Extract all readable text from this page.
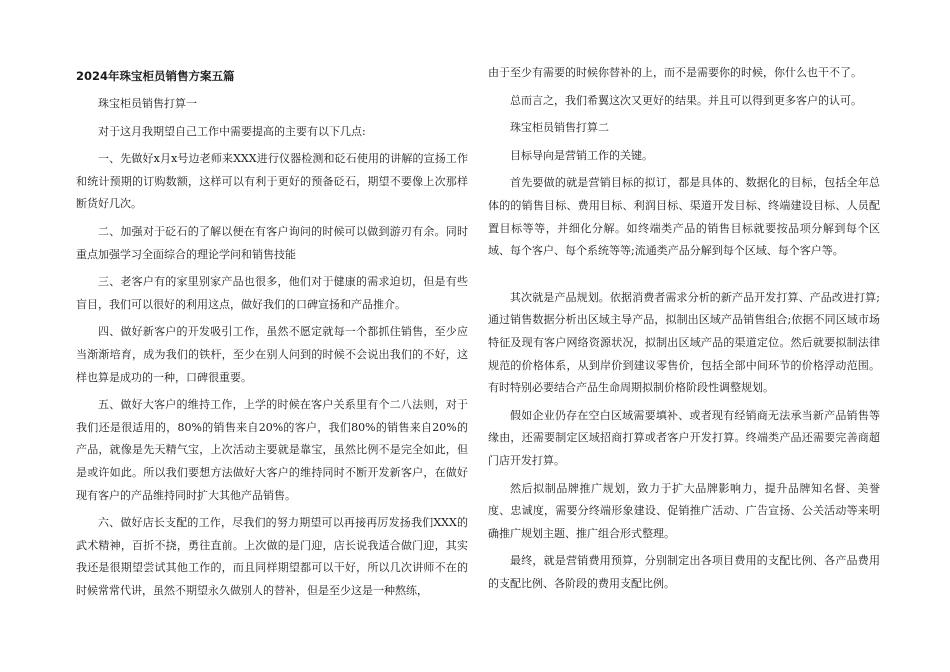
2024年珠宝柜员销售方案五篇

珠宝柜员销售打算一

对于这月我期望自己工作中需要提高的主要有以下几点:

一、先做好x月x号边老师来XXX进行仪器检测和砭石使用的讲解的宣扬工作和统计预期的订购数额，这样可以有利于更好的预备砭石，期望不要像上次那样断货好几次。

二、加强对于砭石的了解以便在有客户询问的时候可以做到游刃有余。同时重点加强学习全面综合的理论学问和销售技能

三、老客户有的家里别家产品也很多，他们对于健康的需求迫切，但是有些盲目，我们可以很好的利用这点，做好我们的口碑宣扬和产品推介。

四、做好新客户的开发吸引工作，虽然不愿定就每一个都抓住销售，至少应当渐渐培育，成为我们的铁杆，至少在别人问到的时候不会说出我们的不好，这样也算是成功的一种，口碑很重要。

五、做好大客户的维持工作，上学的时候在客户关系里有个二八法则，对于我们还是很适用的，80%的销售来自20%的客户，我们80%的销售来自20%的产品，就像是先天精气宝，上次活动主要就是靠宝，虽然比例不是完全如此，但是或许如此。所以我们要想方法做好大客户的维持同时不断开发新客户，在做好现有客户的产品维持同时扩大其他产品销售。

六、做好店长支配的工作，尽我们的努力期望可以再接再厉发扬我们XXX的武术精神，百折不挠，勇往直前。上次做的是门迎，店长说我适合做门迎，其实我还是很期望尝试其他工作的，而且同样期望都可以干好，所以几次讲师不在的时候常常代讲，虽然不期望永久做别人的替补，但是至少这是一种熬练，

由于至少有需要的时候你替补的上，而不是需要你的时候，你什么也干不了。

总而言之，我们希翼这次又更好的结果。并且可以得到更多客户的认可。

珠宝柜员销售打算二

目标导向是营销工作的关键。

首先要做的就是营销目标的拟订，都是具体的、数据化的目标，包括全年总体的的销售目标、费用目标、利润目标、渠道开发目标、终端建设目标、人员配置目标等等，并细化分解。如终端类产品的销售目标就要按品项分解到每个区域、每个客户、每个系统等等;流通类产品分解到每个区域、每个客户等。

其次就是产品规划。依据消费者需求分析的新产品开发打算、产品改进打算;通过销售数据分析出区域主导产品，拟制出区域产品销售组合;依据不同区域市场特征及现有客户网络资源状况，拟制出区域产品的渠道定位。然后就要拟制法律规范的价格体系，从到岸价到建议零售价，包括全部中间环节的价格浮动范围。有时特别必要结合产品生命周期拟制价格阶段性调整规划。

假如企业仍存在空白区域需要填补、或者现有经销商无法承当新产品销售等缘由，还需要制定区域招商打算或者客户开发打算。终端类产品还需要完善商超门店开发打算。

然后拟制品牌推广规划，致力于扩大品牌影响力，提升品牌知名督、美誉度、忠诚度，需要分终端形象建设、促销推广活动、广告宣扬、公关活动等来明确推广规划主题、推广组合形式整理。

最终，就是营销费用预算，分别制定出各项目费用的支配比例、各产品费用的支配比例、各阶段的费用支配比例。
